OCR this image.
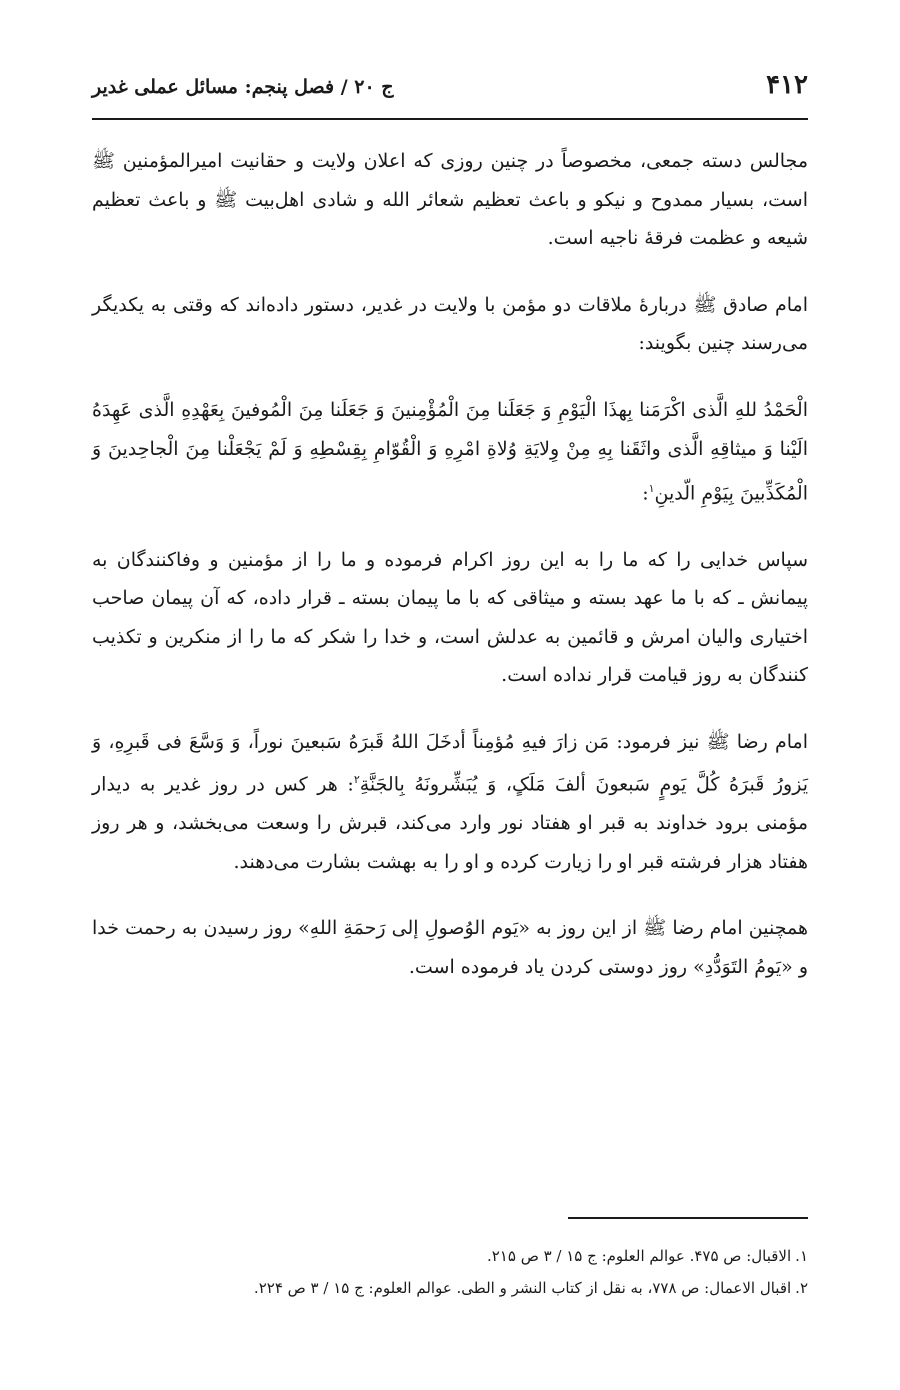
۴۱۲
ج ۲۰ / فصل پنجم: مسائل عملی غدیر

مجالس دسته جمعی، مخصوصاً در چنین روزی که اعلان ولایت و حقانیت امیرالمؤمنین ﷺ است، بسیار ممدوح و نیکو و باعث تعظیم شعائر الله و شادی اهل‌بیت ﷺ و باعث تعظیم شیعه و عظمت فرقهٔ ناجیه است.

امام صادق ﷺ دربارهٔ ملاقات دو مؤمن با ولایت در غدیر، دستور داده‌اند که وقتی به یکدیگر می‌رسند چنین بگویند:

الْحَمْدُ للهِ الَّذی اکْرَمَنا بِهذَا الْیَوْمِ وَ جَعَلَنا مِنَ الْمُؤْمِنینَ وَ جَعَلَنا مِنَ الْمُوفینَ بِعَهْدِهِ الَّذی عَهِدَهُ الَیْنا وَ میثاقِهِ الَّذی واثَقَنا بِهِ مِنْ وِلایَةِ وُلاةِ امْرِهِ وَ الْقُوّامِ بِقِسْطِهِ وَ لَمْ یَجْعَلْنا مِنَ الْجاحِدینَ وَ الْمُکَذِّبینَ بِیَوْمِ الّدینِ$^۱$:

سپاس خدایی را که ما را به این روز اکرام فرموده و ما را از مؤمنین و وفاکنندگان به پیمانش ـ که با ما عهد بسته و میثاقی که با ما پیمان بسته ـ قرار داده، که آن پیمان صاحب اختیاری والیان امرش و قائمین به عدلش است، و خدا را شکر که ما را از منکرین و تکذیب کنندگان به روز قیامت قرار نداده است.

امام رضا ﷺ نیز فرمود: مَن زارَ فیهِ مُؤمِناً أدخَلَ اللهُ قَبرَهُ سَبعینَ نوراً، وَ وَسَّعَ فی قَبرِهِ، وَ یَزورُ قَبرَهُ کُلَّ یَومٍ سَبعونَ ألفَ مَلَکٍ، وَ یُبَشِّرونَهُ بِالجَنَّةِ$^۲$: هر کس در روز غدیر به دیدار مؤمنی برود خداوند به قبر او هفتاد نور وارد می‌کند، قبرش را وسعت می‌بخشد، و هر روز هفتاد هزار فرشته قبر او را زیارت کرده و او را به بهشت بشارت می‌دهند.

همچنین امام رضا ﷺ از این روز به «یَوم الوُصولِ إلی رَحمَةِ اللهِ» روز رسیدن به رحمت خدا و «یَومُ التَوَدُّدِ» روز دوستی کردن یاد فرموده است.

۱.الاقبال: ص ۴۷۵. عوالم العلوم: ج ۱۵ / ۳ ص ۲۱۵.

۲.اقبال الاعمال: ص ۷۷۸، به نقل از کتاب النشر و الطی. عوالم العلوم: ج ۱۵ / ۳ ص ۲۲۴.
